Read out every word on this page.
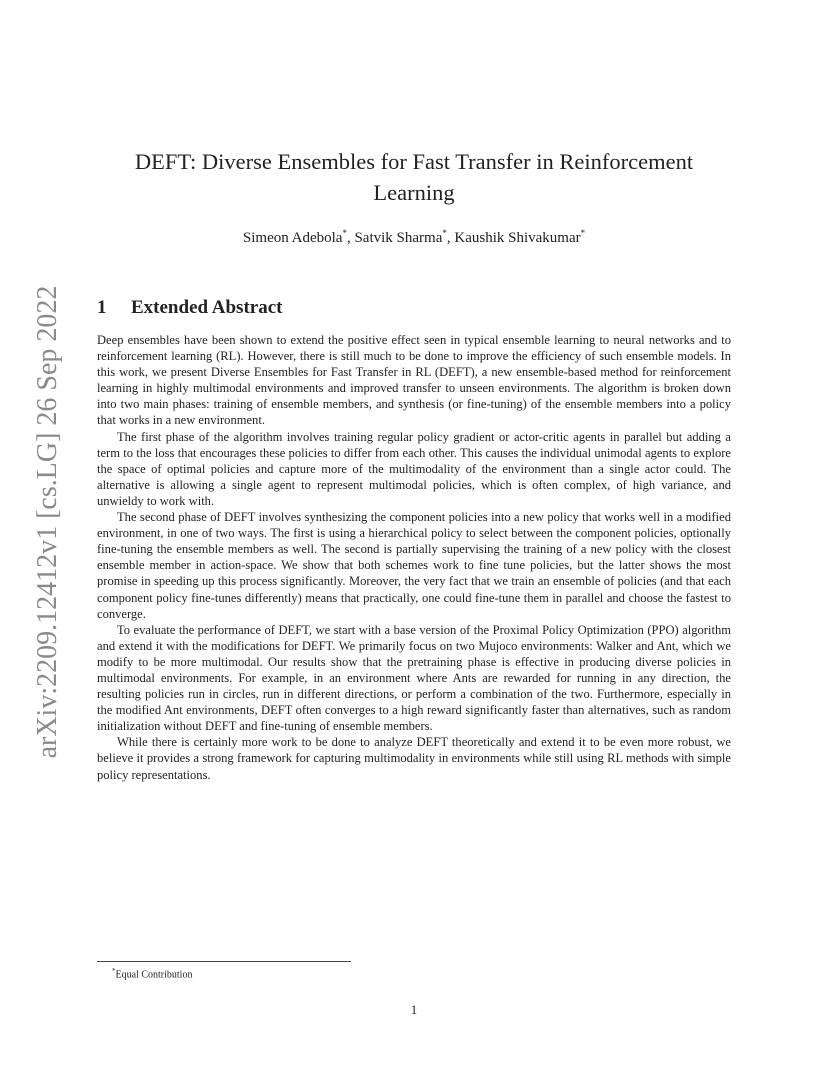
arXiv:2209.12412v1 [cs.LG] 26 Sep 2022
DEFT: Diverse Ensembles for Fast Transfer in Reinforcement Learning
Simeon Adebola*, Satvik Sharma*, Kaushik Shivakumar*
1 Extended Abstract

Deep ensembles have been shown to extend the positive effect seen in typical ensemble learning to neural networks and to reinforcement learning (RL). However, there is still much to be done to improve the efficiency of such ensemble models. In this work, we present Diverse Ensembles for Fast Transfer in RL (DEFT), a new ensemble-based method for reinforcement learning in highly multimodal environments and improved transfer to unseen environments. The algorithm is broken down into two main phases: training of ensemble members, and synthesis (or fine-tuning) of the ensemble members into a policy that works in a new environment.

The first phase of the algorithm involves training regular policy gradient or actor-critic agents in parallel but adding a term to the loss that encourages these policies to differ from each other. This causes the individual unimodal agents to explore the space of optimal policies and capture more of the multimodality of the environment than a single actor could. The alternative is allowing a single agent to represent multimodal policies, which is often complex, of high variance, and unwieldy to work with.

The second phase of DEFT involves synthesizing the component policies into a new policy that works well in a modified environment, in one of two ways. The first is using a hierarchical policy to select between the component policies, optionally fine-tuning the ensemble members as well. The second is partially supervising the training of a new policy with the closest ensemble member in action-space. We show that both schemes work to fine tune policies, but the latter shows the most promise in speeding up this process significantly. Moreover, the very fact that we train an ensemble of policies (and that each component policy fine-tunes differently) means that practically, one could fine-tune them in parallel and choose the fastest to converge.

To evaluate the performance of DEFT, we start with a base version of the Proximal Policy Optimization (PPO) algorithm and extend it with the modifications for DEFT. We primarily focus on two Mujoco environments: Walker and Ant, which we modify to be more multimodal. Our results show that the pretraining phase is effective in producing diverse policies in multimodal environments. For example, in an environment where Ants are rewarded for running in any direction, the resulting policies run in circles, run in different directions, or perform a combination of the two. Furthermore, especially in the modified Ant environments, DEFT often converges to a high reward significantly faster than alternatives, such as random initialization without DEFT and fine-tuning of ensemble members.

While there is certainly more work to be done to analyze DEFT theoretically and extend it to be even more robust, we believe it provides a strong framework for capturing multimodality in environments while still using RL methods with simple policy representations.

*Equal Contribution
1
